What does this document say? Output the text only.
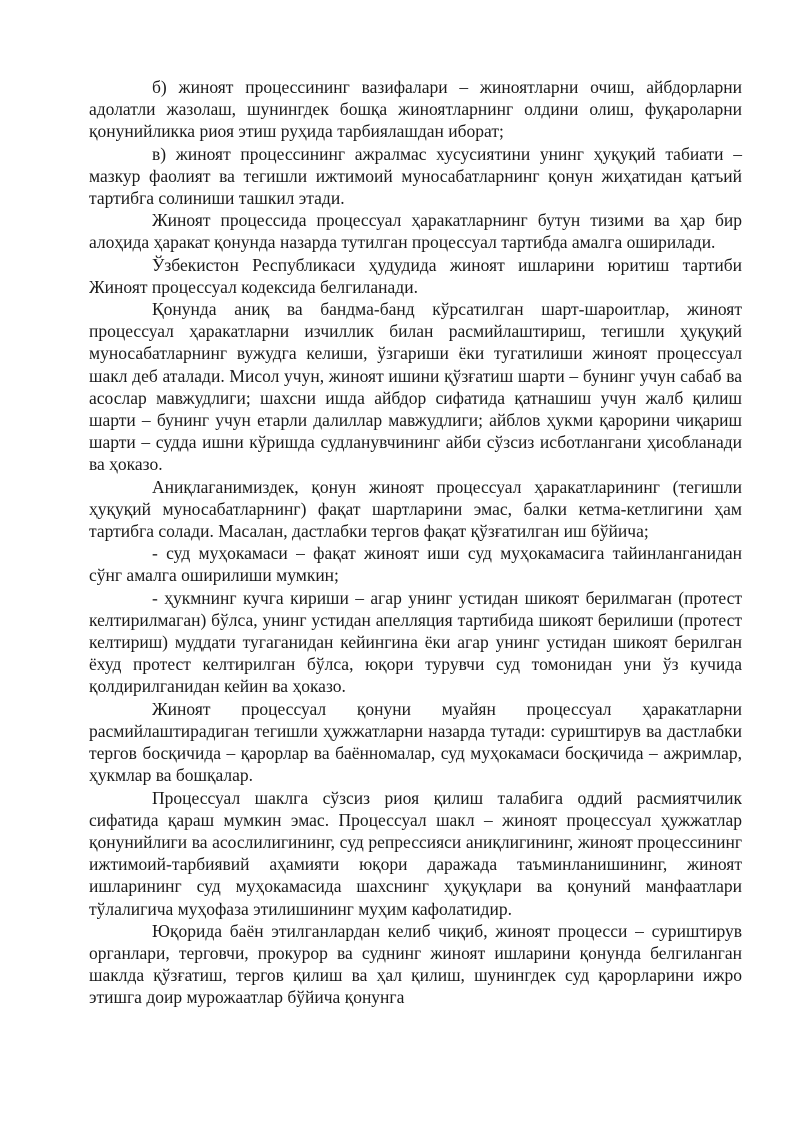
б) жиноят процессининг вазифалари – жиноятларни очиш, айбдорларни адолатли жазолаш, шунингдек бошқа жиноятларнинг олдини олиш, фуқароларни қонунийликка риоя этиш руҳида тарбиялашдан иборат;

в) жиноят процессининг ажралмас хусусиятини унинг ҳуқуқий табиати – мазкур фаолият ва тегишли ижтимоий муносабатларнинг қонун жиҳатидан қатъий тартибга солиниши ташкил этади.

Жиноят процессида процессуал ҳаракатларнинг бутун тизими ва ҳар бир алоҳида ҳаракат қонунда назарда тутилган процессуал тартибда амалга оширилади.

Ўзбекистон Республикаси ҳудудида жиноят ишларини юритиш тартиби Жиноят процессуал кодексида белгиланади.

Қонунда аниқ ва бандма-банд кўрсатилган шарт-шароитлар, жиноят процессуал ҳаракатларни изчиллик билан расмийлаштириш, тегишли ҳуқуқий муносабатларнинг вужудга келиши, ўзгариши ёки тугатилиши жиноят процессуал шакл деб аталади. Мисол учун, жиноят ишини қўзғатиш шарти – бунинг учун сабаб ва асослар мавжудлиги; шахсни ишда айбдор сифатида қатнашиш учун жалб қилиш шарти – бунинг учун етарли далиллар мавжудлиги; айблов ҳукми қарорини чиқариш шарти – судда ишни кўришда судланувчининг айби сўзсиз исботлангани ҳисобланади ва ҳоказо.

Аниқлаганимиздек, қонун жиноят процессуал ҳаракатларининг (тегишли ҳуқуқий муносабатларнинг) фақат шартларини эмас, балки кетма-кетлигини ҳам тартибга солади. Масалан, дастлабки тергов фақат қўзғатилган иш бўйича;

- суд муҳокамаси – фақат жиноят иши суд муҳокамасига тайинланганидан сўнг амалга оширилиши мумкин;

- ҳукмнинг кучга кириши – агар унинг устидан шикоят берилмаган (протест келтирилмаган) бўлса, унинг устидан апелляция тартибида шикоят берилиши (протест келтириш) муддати тугаганидан кейингина ёки агар унинг устидан шикоят берилган ёхуд протест келтирилган бўлса, юқори турувчи суд томонидан уни ўз кучида қолдирилганидан кейин ва ҳоказо.

Жиноят процессуал қонуни муайян процессуал ҳаракатларни расмийлаштирадиган тегишли ҳужжатларни назарда тутади: суриштирув ва дастлабки тергов босқичида – қарорлар ва баённомалар, суд муҳокамаси босқичида – ажримлар, ҳукмлар ва бошқалар.

Процессуал шаклга сўзсиз риоя қилиш талабига оддий расмиятчилик сифатида қараш мумкин эмас. Процессуал шакл – жиноят процессуал ҳужжатлар қонунийлиги ва асослилигининг, суд репрессияси аниқлигининг, жиноят процессининг ижтимоий-тарбиявий аҳамияти юқори даражада таъминланишининг, жиноят ишларининг суд муҳокамасида шахснинг ҳуқуқлари ва қонуний манфаатлари тўлалигича муҳофаза этилишининг муҳим кафолатидир.

Юқорида баён этилганлардан келиб чиқиб, жиноят процесси – суриштирув органлари, терговчи, прокурор ва суднинг жиноят ишларини қонунда белгиланган шаклда қўзғатиш, тергов қилиш ва ҳал қилиш, шунингдек суд қарорларини ижро этишга доир мурожаатлар бўйича қонунга
